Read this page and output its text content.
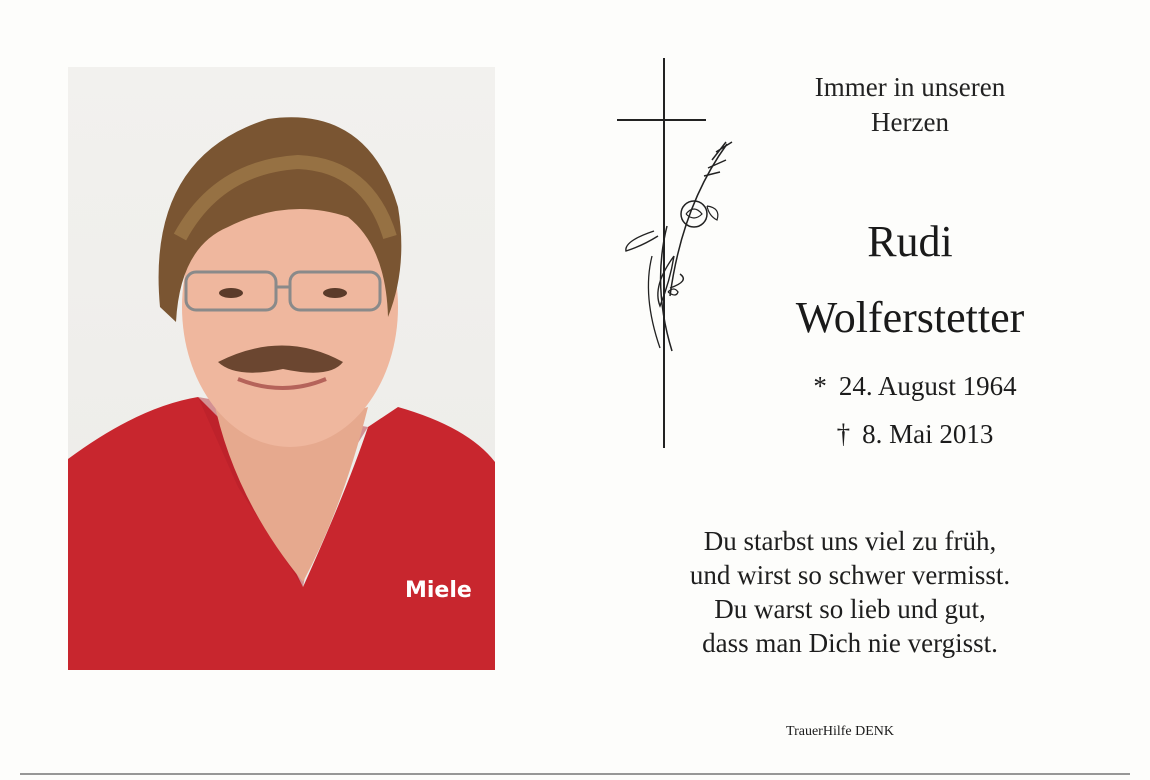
Miele
Immer in unseren
Herzen
Rudi
Wolferstetter
* 24. August 1964
† 8. Mai 2013
Du starbst uns viel zu früh,
und wirst so schwer vermisst.
Du warst so lieb und gut,
dass man Dich nie vergisst.
TrauerHilfe DENK
